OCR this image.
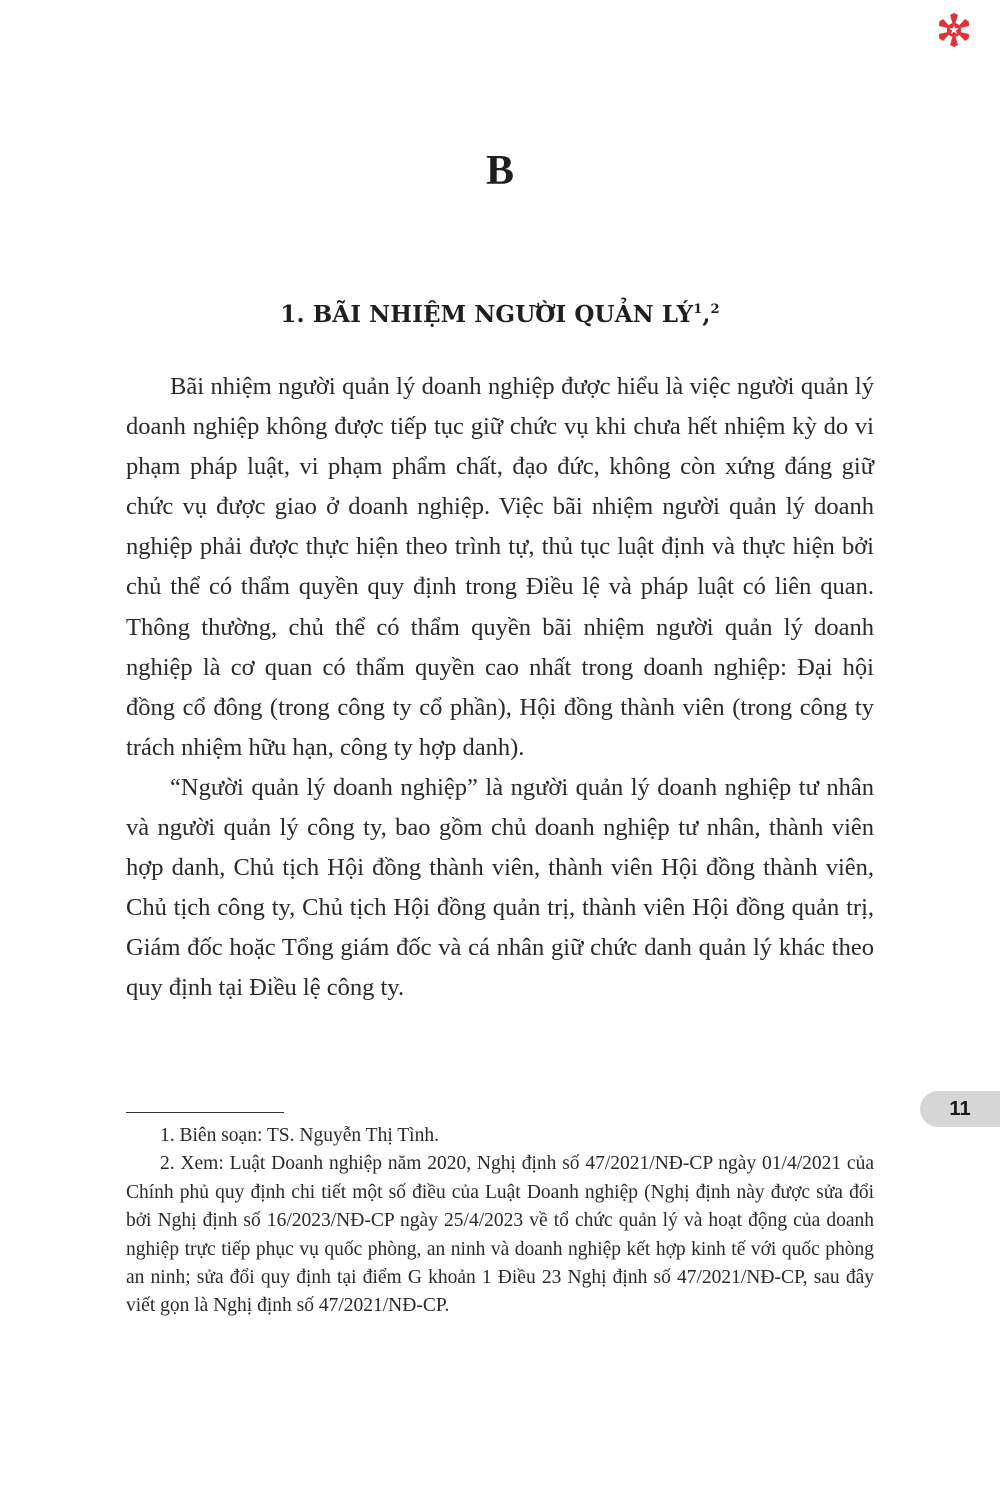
B
1. BÃI NHIỆM NGƯỜI QUẢN $LÝ^1,^2$

Bãi nhiệm người quản lý doanh nghiệp được hiểu là việc người quản lý doanh nghiệp không được tiếp tục giữ chức vụ khi chưa hết nhiệm kỳ do vi phạm pháp luật, vi phạm phẩm chất, đạo đức, không còn xứng đáng giữ chức vụ được giao ở doanh nghiệp. Việc bãi nhiệm người quản lý doanh nghiệp phải được thực hiện theo trình tự, thủ tục luật định và thực hiện bởi chủ thể có thẩm quyền quy định trong Điều lệ và pháp luật có liên quan. Thông thường, chủ thể có thẩm quyền bãi nhiệm người quản lý doanh nghiệp là cơ quan có thẩm quyền cao nhất trong doanh nghiệp: Đại hội đồng cổ đông (trong công ty cổ phần), Hội đồng thành viên (trong công ty trách nhiệm hữu hạn, công ty hợp danh).

“Người quản lý doanh nghiệp” là người quản lý doanh nghiệp tư nhân và người quản lý công ty, bao gồm chủ doanh nghiệp tư nhân, thành viên hợp danh, Chủ tịch Hội đồng thành viên, thành viên Hội đồng thành viên, Chủ tịch công ty, Chủ tịch Hội đồng quản trị, thành viên Hội đồng quản trị, Giám đốc hoặc Tổng giám đốc và cá nhân giữ chức danh quản lý khác theo quy định tại Điều lệ công ty.

1. Biên soạn: TS. Nguyễn Thị Tình.

2. Xem: Luật Doanh nghiệp năm 2020, Nghị định số 47/2021/NĐ-CP ngày 01/4/2021 của Chính phủ quy định chi tiết một số điều của Luật Doanh nghiệp (Nghị định này được sửa đổi bởi Nghị định số 16/2023/NĐ-CP ngày 25/4/2023 về tổ chức quản lý và hoạt động của doanh nghiệp trực tiếp phục vụ quốc phòng, an ninh và doanh nghiệp kết hợp kinh tế với quốc phòng an ninh; sửa đổi quy định tại điểm G khoản 1 Điều 23 Nghị định số 47/2021/NĐ-CP, sau đây viết gọn là Nghị định số 47/2021/NĐ-CP.

11
